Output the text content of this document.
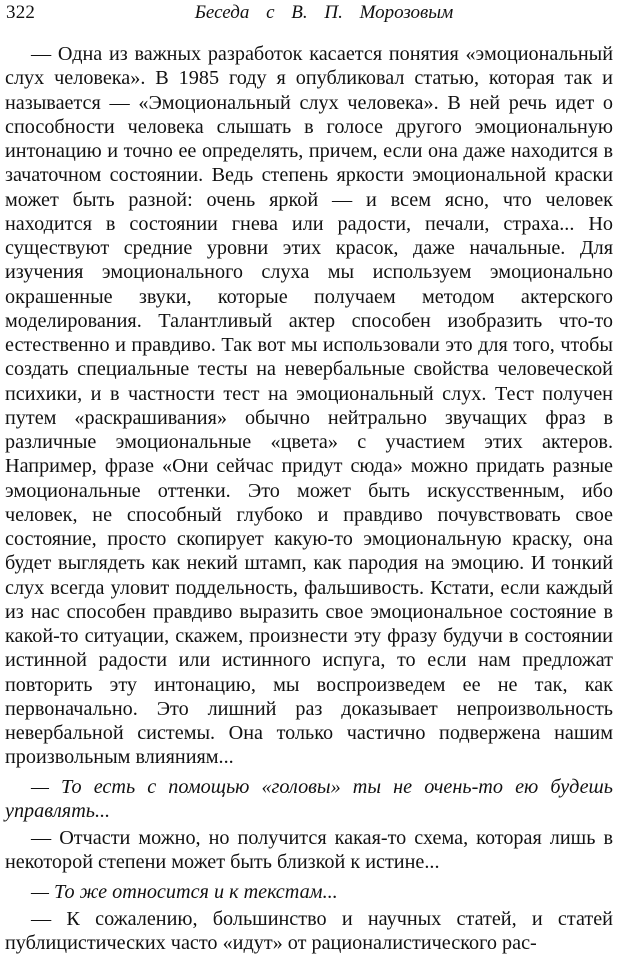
322	Беседа с В. П. Морозовым

— Одна из важных разработок касается понятия «эмоциональный слух человека». В 1985 году я опубликовал статью, которая так и называется — «Эмоциональный слух человека». В ней речь идет о способности человека слышать в голосе другого эмоциональную интонацию и точно ее определять, причем, если она даже находится в зачаточном состоянии. Ведь степень яркости эмоциональной краски может быть разной: очень яркой — и всем ясно, что человек находится в состоянии гнева или радости, печали, страха... Но существуют средние уровни этих красок, даже начальные. Для изучения эмоционального слуха мы используем эмоционально окрашенные звуки, которые получаем методом актерского моделирования. Талантливый актер способен изобразить что-то естественно и правдиво. Так вот мы использовали это для того, чтобы создать специальные тесты на невербальные свойства человеческой психики, и в частности тест на эмоциональный слух. Тест получен путем «раскрашивания» обычно нейтрально звучащих фраз в различные эмоциональные «цвета» с участием этих актеров. Например, фразе «Они сейчас придут сюда» можно придать разные эмоциональные оттенки. Это может быть искусственным, ибо человек, не способный глубоко и правдиво почувствовать свое состояние, просто скопирует какую-то эмоциональную краску, она будет выглядеть как некий штамп, как пародия на эмоцию. И тонкий слух всегда уловит поддельность, фальшивость. Кстати, если каждый из нас способен правдиво выразить свое эмоциональное состояние в какой-то ситуации, скажем, произнести эту фразу будучи в состоянии истинной радости или истинного испуга, то если нам предложат повторить эту интонацию, мы воспроизведем ее не так, как первоначально. Это лишний раз доказывает непроизвольность невербальной системы. Она только частично подвержена нашим произвольным влияниям...

— То есть с помощью «головы» ты не очень-то ею будешь управлять...

— Отчасти можно, но получится какая-то схема, которая лишь в некоторой степени может быть близкой к истине...

— То же относится и к текстам...

— К сожалению, большинство и научных статей, и статей публицистических часто «идут» от рационалистического рас-
